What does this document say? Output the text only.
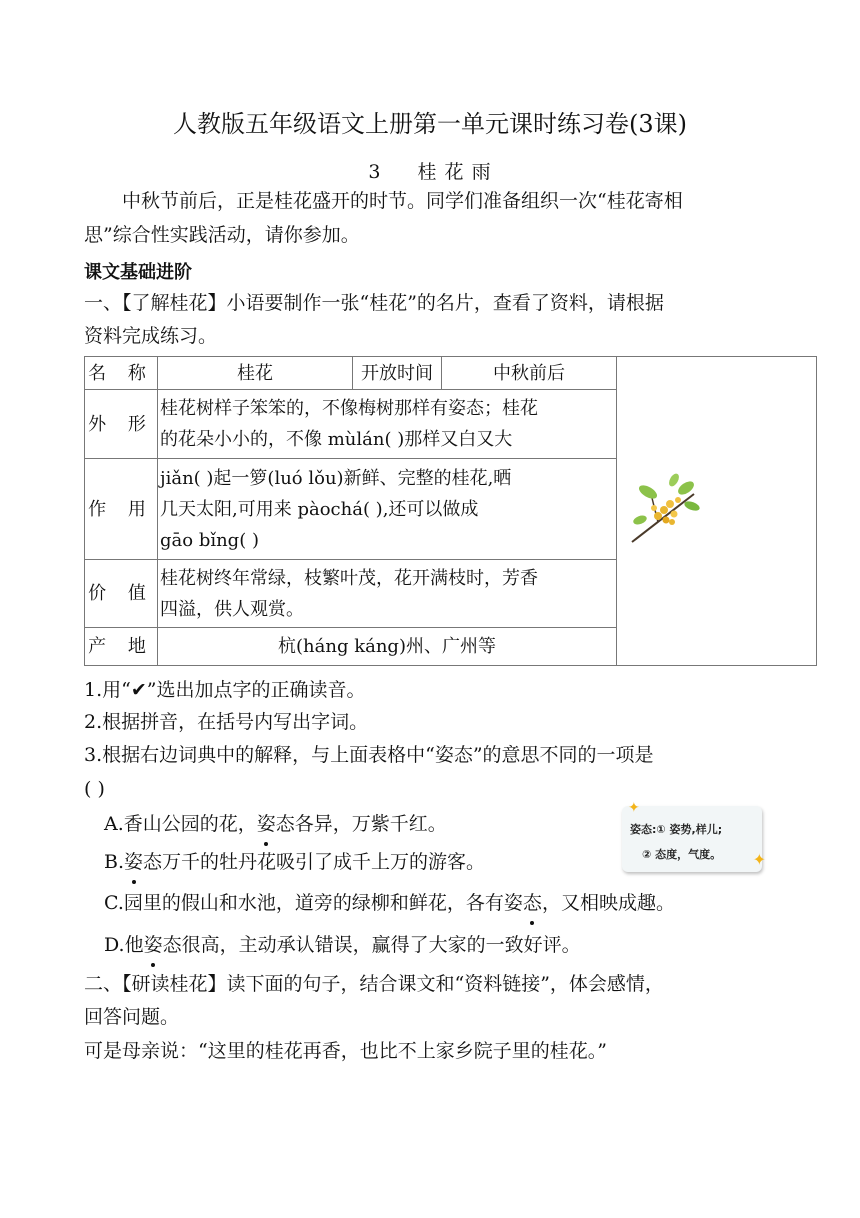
人教版五年级语文上册第一单元课时练习卷(3课)
3 桂 花 雨
中秋节前后，正是桂花盛开的时节。同学们准备组织一次“桂花寄相
思”综合性实践活动，请你参加。
课文基础进阶
一、【了解桂花】小语要制作一张“桂花”的名片，查看了资料，请根据
资料完成练习。
名 称	桂花	开放时间	中秋前后	
外 形	桂花树样子笨笨的，不像梅树那样有姿态；桂花
的花朵小小的，不像 mùlán( )那样又白又大			

作 用	jiǎn( )起一箩(luó lǒu)新鲜、完整的桂花,晒
几天太阳,可用来 pàochá( ),还可以做成
gāo bǐng( )			

价 值	桂花树终年常绿，枝繁叶茂，花开满枝时，芳香
四溢，供人观赏。			

产 地	杭(háng káng)州、广州等			
1.用“✔”选出加点字的正确读音。
2.根据拼音，在括号内写出字词。
3.根据右边词典中的解释，与上面表格中“姿态”的意思不同的一项是
( )
A.香山公园的花，姿态各异，万紫千红。
B.姿态万千的牡丹花吸引了成千上万的游客。
C.园里的假山和水池，道旁的绿柳和鲜花，各有姿态，又相映成趣。
D.他姿态很高，主动承认错误，赢得了大家的一致好评。
✦
✦
姿态:① 姿势,样儿;
② 态度，气度。
二、【研读桂花】读下面的句子，结合课文和“资料链接”，体会感情，
回答问题。
可是母亲说：“这里的桂花再香，也比不上家乡院子里的桂花。”
